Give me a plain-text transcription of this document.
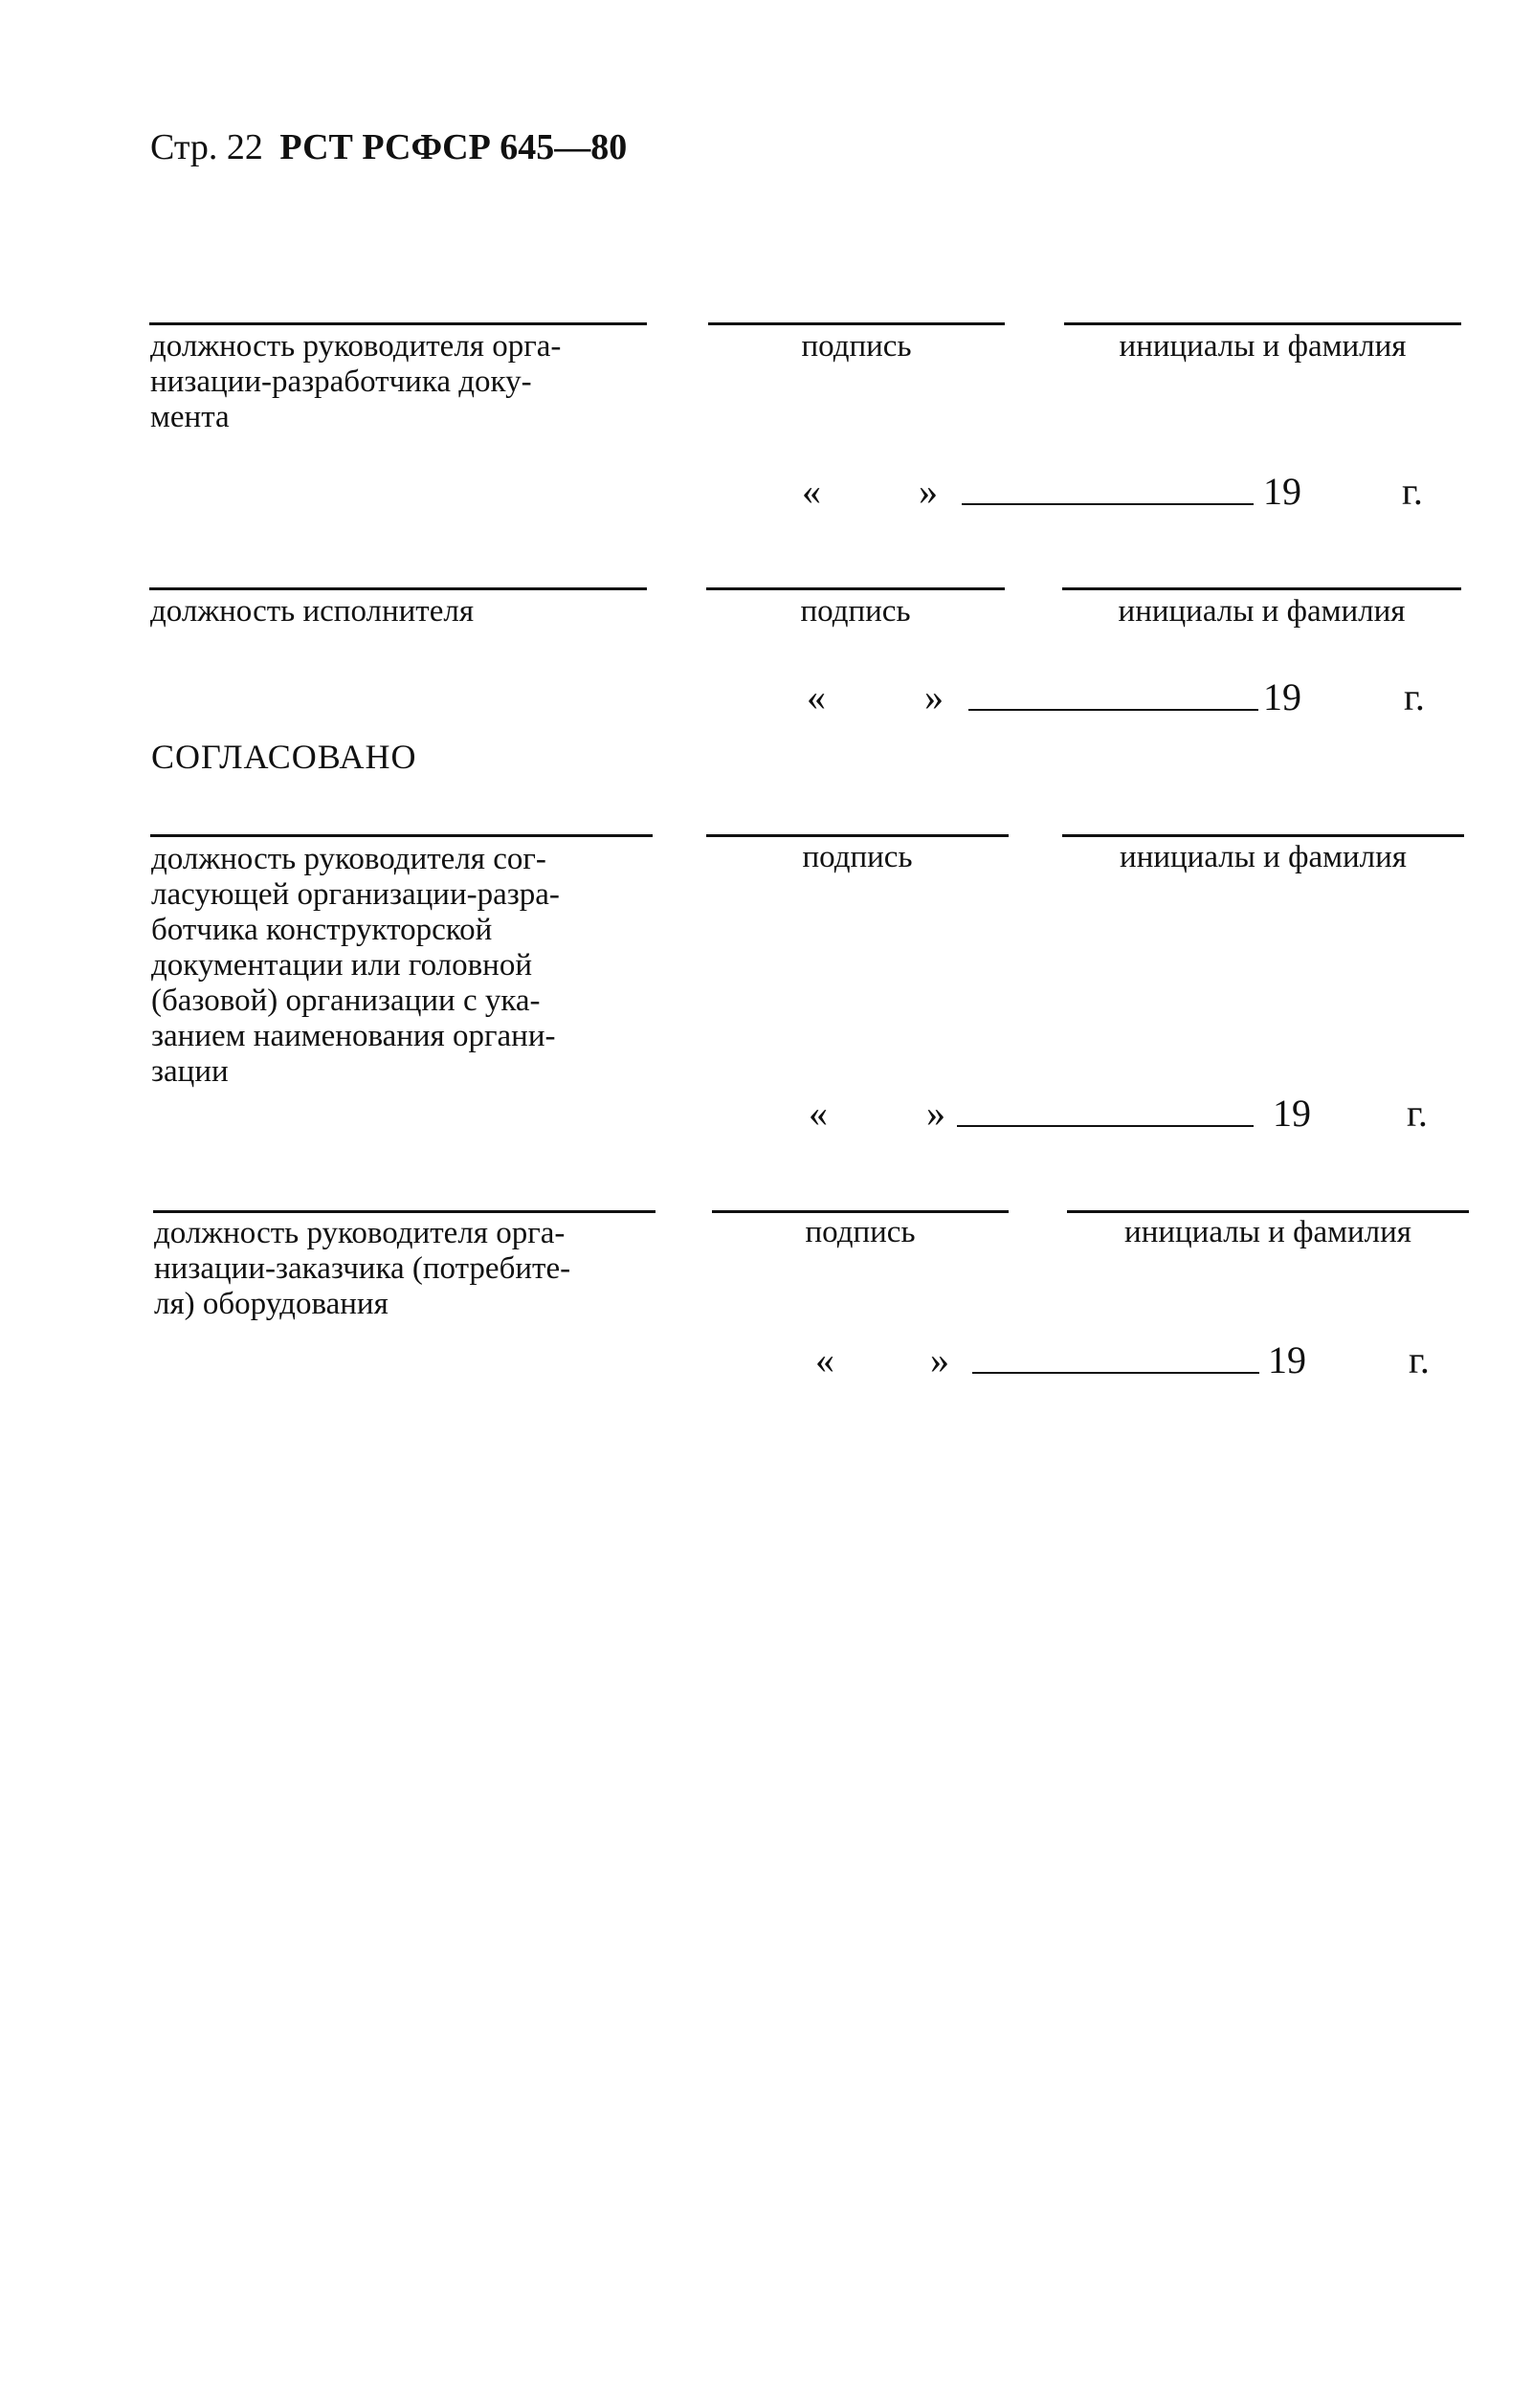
Стр. 22 РСТ РСФСР 645—80
должность руководителя орга-
низации-разработчика доку-
мента
подпись	инициалы и фамилия
«	»	19	г.
должность исполнителя	подпись	инициалы и фамилия
«	»	19	г.
СОГЛАСОВАНО
должность руководителя сог-
ласующей организации-разра-
ботчика конструкторской
документации или головной
(базовой) организации с ука-
занием наименования органи-
зации
подпись	инициалы и фамилия
«	»	19	г.
должность руководителя орга-
низации-заказчика (потребите-
ля) оборудования
подпись	инициалы и фамилия
«	»	19	г.
